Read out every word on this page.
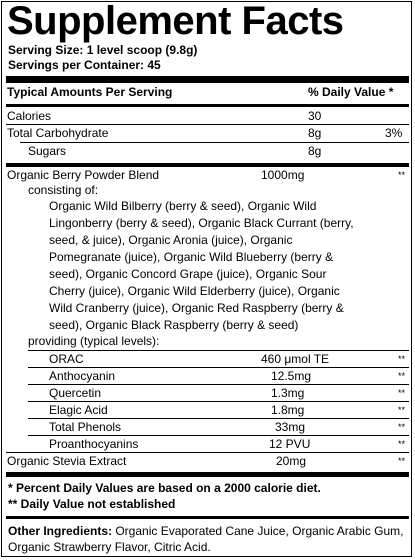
Supplement Facts
Serving Size: 1 level scoop (9.8g)
Servings per Container: 45
Typical Amounts Per Serving	% Daily Value *
Calories	30
Total Carbohydrate	8g	3%
Sugars	8g
Organic Berry Powder Blend	1000mg	**
consisting of:
Organic Wild Bilberry (berry & seed), Organic Wild
Lingonberry (berry & seed), Organic Black Currant (berry,
seed, & juice), Organic Aronia (juice), Organic
Pomegranate (juice), Organic Wild Blueberry (berry &
seed), Organic Concord Grape (juice), Organic Sour
Cherry (juice), Organic Wild Elderberry (juice), Organic
Wild Cranberry (juice), Organic Red Raspberry (berry &
seed), Organic Black Raspberry (berry & seed)
providing (typical levels):
ORAC	460 μmol TE	**
Anthocyanin	12.5mg	**
Quercetin	1.3mg	**
Elagic Acid	1.8mg	**
Total Phenols	33mg	**
Proanthocyanins	12 PVU	**
Organic Stevia Extract	20mg	**
* Percent Daily Values are based on a 2000 calorie diet.
** Daily Value not established
Other Ingredients: Organic Evaporated Cane Juice, Organic Arabic Gum, Organic Strawberry Flavor, Citric Acid.
